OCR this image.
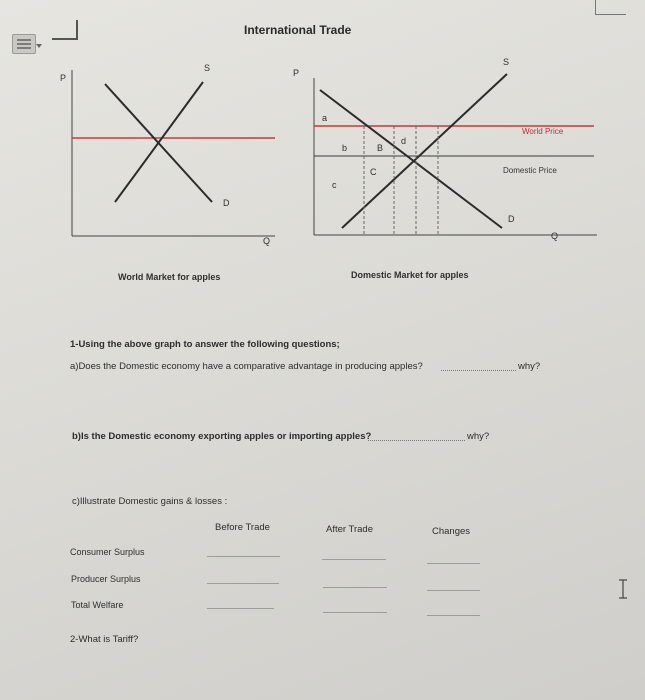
International Trade
P
S
D
Q
World Market for apples
P
S
D
Q
World Price
Domestic Price
a
b	B
d
C
c
Domestic Market for apples
1-Using the above graph to answer the following questions;
a)Does the Domestic economy have a comparative advantage in producing apples?	why?
b)Is the Domestic economy exporting apples or importing apples?	why?
c)Illustrate Domestic gains & losses :
Before Trade	After Trade	Changes
Consumer Surplus
Producer Surplus
Total Welfare
2-What is Tariff?
